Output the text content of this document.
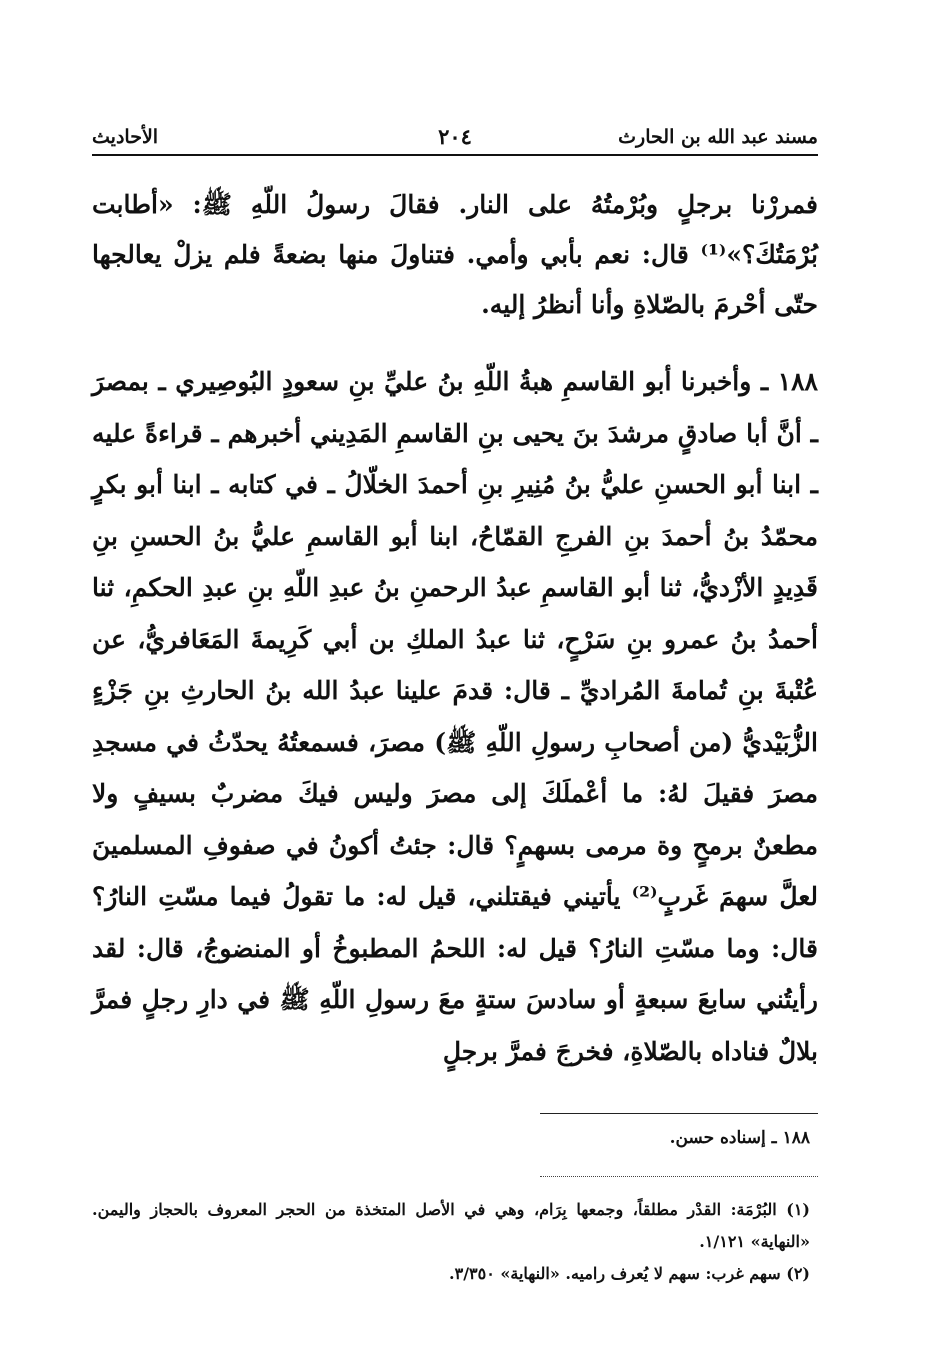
مسند عبد الله بن الحارث
٢٠٤
الأحاديث

فمررْنا برجلٍ وبُرْمتُهُ على النار. فقالَ رسولُ اللّهِ ﷺ: «أطابت بُرْمَتُكَ؟»⁽¹⁾ قال: نعم بأبي وأمي. فتناولَ منها بضعةً فلم يزلْ يعالجها حتّى أحْرمَ بالصّلاةِ وأنا أنظرُ إليه.

١٨٨ ـ وأخبرنا أبو القاسمِ هبةُ اللّهِ بنُ عليِّ بنِ سعودٍ البُوصِيري ـ بمصرَ ـ أنَّ أبا صادقٍ مرشدَ بنَ يحيى بنِ القاسمِ المَدِيني أخبرهم ـ قراءةً عليه ـ ابنا أبو الحسنِ عليُّ بنُ مُنِيرِ بنِ أحمدَ الخلّالُ ـ في كتابه ـ ابنا أبو بكرٍ محمّدُ بنُ أحمدَ بنِ الفرجِ القمّاحُ، ابنا أبو القاسمِ عليُّ بنُ الحسنِ بنِ قَدِيدٍ الأزْديُّ، ثنا أبو القاسمِ عبدُ الرحمنِ بنُ عبدِ اللّهِ بنِ عبدِ الحكمِ، ثنا أحمدُ بنُ عمرو بنِ سَرْحٍ، ثنا عبدُ الملكِ بن أبي كَرِيمةَ المَعَافريُّ، عن عُتْبةَ بنِ تُمامةَ المُراديِّ ـ قال: قدمَ علينا عبدُ الله بنُ الحارثِ بنِ جَزْءٍ الزُّبَيْديُّ (من أصحابِ رسولِ اللّهِ ﷺ) مصرَ، فسمعتُهُ يحدّثُ في مسجدِ مصرَ فقيلَ لهُ: ما أعْملَكَ إلى مصرَ وليس فيكَ مضربٌ بسيفٍ ولا مطعنٌ برمحٍ وة مرمى بسهمٍ؟ قال: جئتُ أكونُ في صفوفِ المسلمينَ لعلَّ سهمَ غَربٍ⁽²⁾ يأتيني فيقتلني، قيل له: ما تقولُ فيما مسّتِ النارُ؟ قال: وما مسّتِ النارُ؟ قيل له: اللحمُ المطبوخُ أو المنضوجُ، قال: لقد رأيتُني سابعَ سبعةٍ أو سادسَ ستةٍ معَ رسولِ اللّهِ ﷺ في دارِ رجلٍ فمرَّ بلالٌ فناداه بالصّلاةِ، فخرجَ فمرَّ برجلٍ

١٨٨ ـ إسناده حسن.

(١) البُرْمَة: القدْر مطلقاً، وجمعها بِرَام، وهي في الأصل المتخذة من الحجر المعروف بالحجاز واليمن. «النهاية» ١/١٢١.

(٢) سهم غرب: سهم لا يُعرف راميه. «النهاية» ٣/٣٥٠.
